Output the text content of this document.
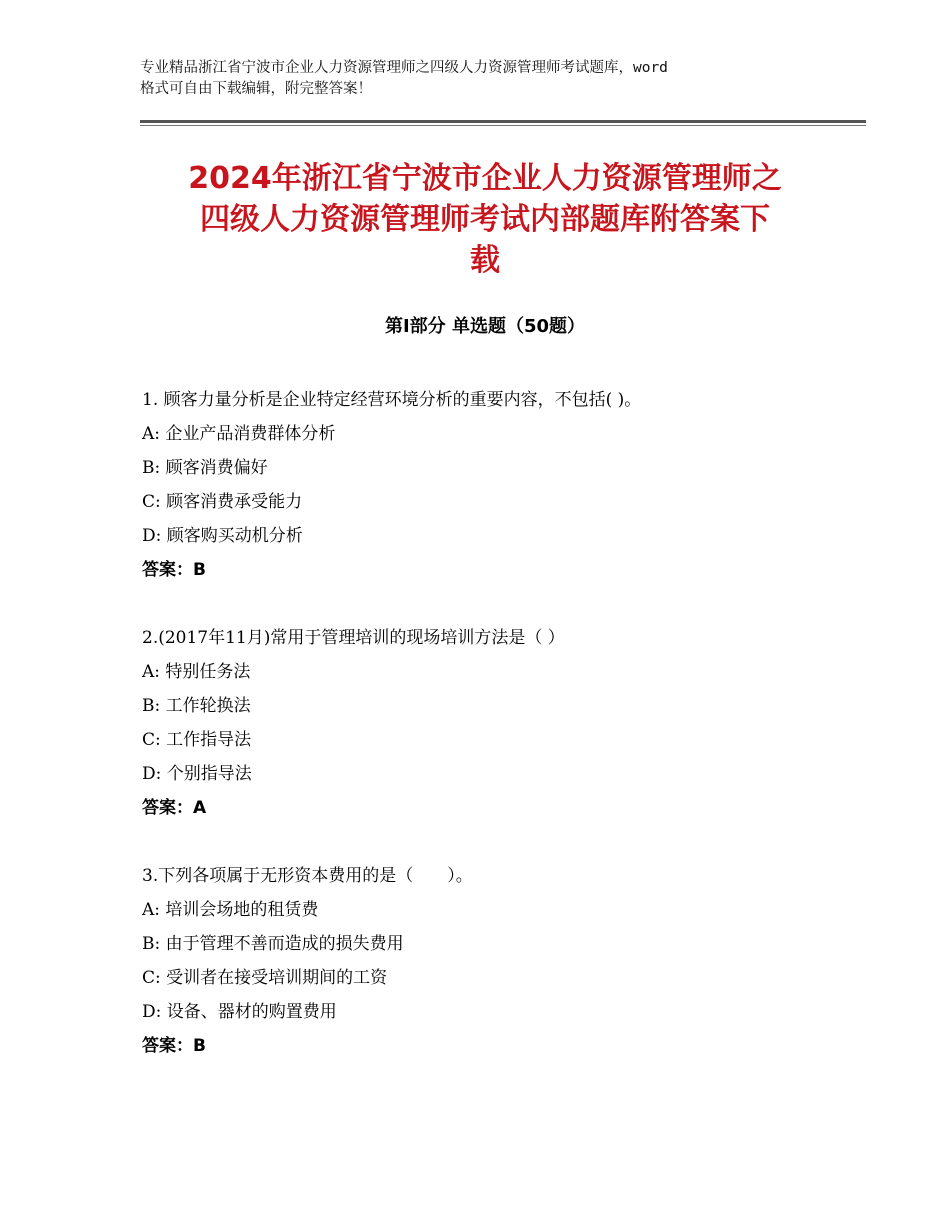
专业精品浙江省宁波市企业人力资源管理师之四级人力资源管理师考试题库，word
格式可自由下载编辑，附完整答案！
2024年浙江省宁波市企业人力资源管理师之
四级人力资源管理师考试内部题库附答案下
载
第Ⅰ部分 单选题（50题）
1. 顾客力量分析是企业特定经营环境分析的重要内容，不包括( )。
A: 企业产品消费群体分析
B: 顾客消费偏好
C: 顾客消费承受能力
D: 顾客购买动机分析
答案：B
2.(2017年11月)常用于管理培训的现场培训方法是（ ）
A: 特别任务法
B: 工作轮换法
C: 工作指导法
D: 个别指导法
答案：A
3.下列各项属于无形资本费用的是（　　）。
A: 培训会场地的租赁费
B: 由于管理不善而造成的损失费用
C: 受训者在接受培训期间的工资
D: 设备、器材的购置费用
答案：B
